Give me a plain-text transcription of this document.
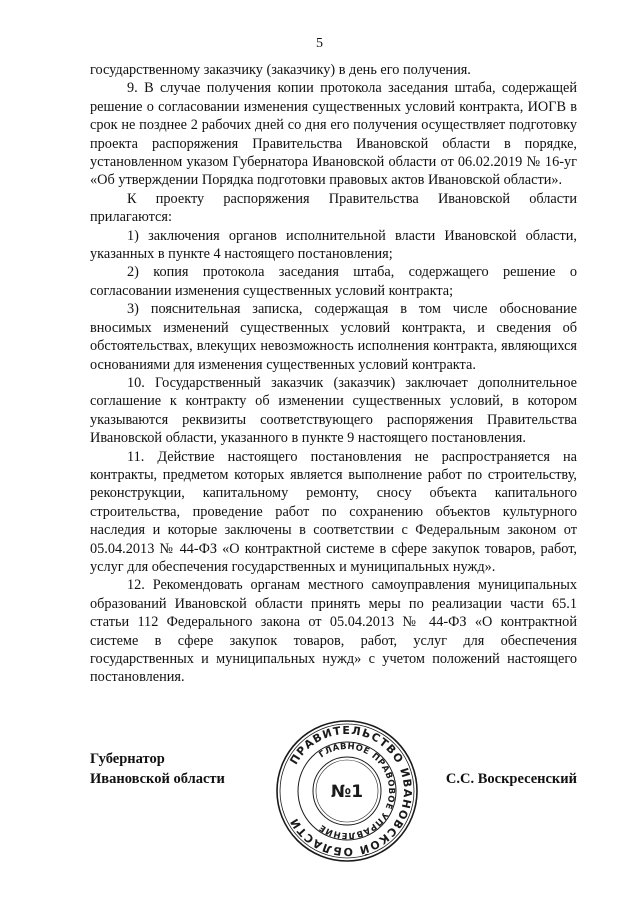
5

государственному заказчику (заказчику) в день его получения.

9. В случае получения копии протокола заседания штаба, содержащей решение о согласовании изменения существенных условий контракта, ИОГВ в срок не позднее 2 рабочих дней со дня его получения осуществляет подготовку проекта распоряжения Правительства Ивановской области в порядке, установленном указом Губернатора Ивановской области от 06.02.2019 № 16-уг «Об утверждении Порядка подготовки правовых актов Ивановской области».

К проекту распоряжения Правительства Ивановской области прилагаются:

1) заключения органов исполнительной власти Ивановской области, указанных в пункте 4 настоящего постановления;

2) копия протокола заседания штаба, содержащего решение о согласовании изменения существенных условий контракта;

3) пояснительная записка, содержащая в том числе обоснование вносимых изменений существенных условий контракта, и сведения об обстоятельствах, влекущих невозможность исполнения контракта, являющихся основаниями для изменения существенных условий контракта.

10. Государственный заказчик (заказчик) заключает дополнительное соглашение к контракту об изменении существенных условий, в котором указываются реквизиты соответствующего распоряжения Правительства Ивановской области, указанного в пункте 9 настоящего постановления.

11. Действие настоящего постановления не распространяется на контракты, предметом которых является выполнение работ по строительству, реконструкции, капитальному ремонту, сносу объекта капитального строительства, проведение работ по сохранению объектов культурного наследия и которые заключены в соответствии с Федеральным законом от 05.04.2013 № 44-ФЗ «О контрактной системе в сфере закупок товаров, работ, услуг для обеспечения государственных и муниципальных нужд».

12. Рекомендовать органам местного самоуправления муниципальных образований Ивановской области принять меры по реализации части 65.1 статьи 112 Федерального закона от 05.04.2013 № 44-ФЗ «О контрактной системе в сфере закупок товаров, работ, услуг для обеспечения государственных и муниципальных нужд» с учетом положений настоящего постановления.

Губернатор
Ивановской области
ПРАВИТЕЛЬСТВО ИВАНОВСКОЙ ОБЛАСТИ
ГЛАВНОЕ ПРАВОВОЕ УПРАВЛЕНИЕ
№1
С.С. Воскресенский
